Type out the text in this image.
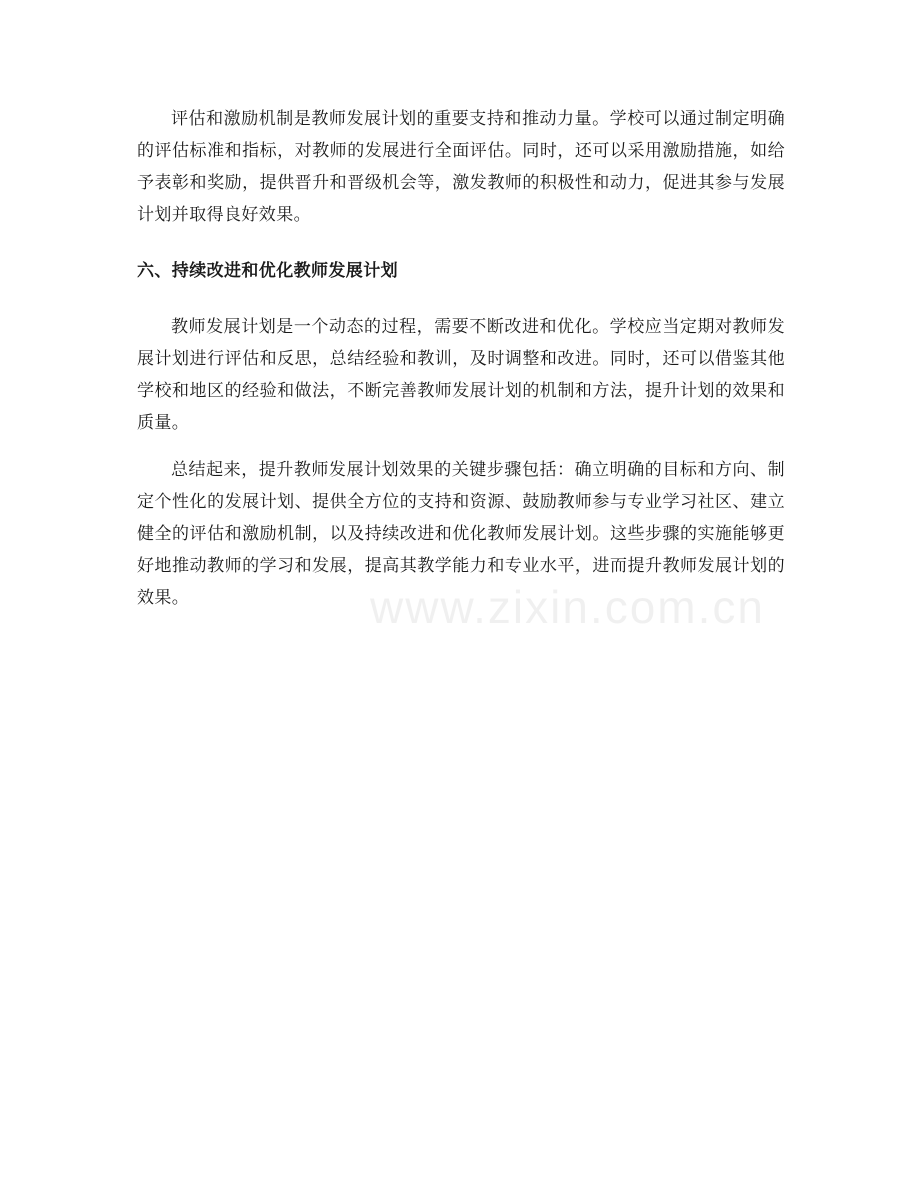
评估和激励机制是教师发展计划的重要支持和推动力量。学校可以通过制定明确的评估标准和指标，对教师的发展进行全面评估。同时，还可以采用激励措施，如给予表彰和奖励，提供晋升和晋级机会等，激发教师的积极性和动力，促进其参与发展计划并取得良好效果。

六、持续改进和优化教师发展计划

教师发展计划是一个动态的过程，需要不断改进和优化。学校应当定期对教师发展计划进行评估和反思，总结经验和教训，及时调整和改进。同时，还可以借鉴其他学校和地区的经验和做法，不断完善教师发展计划的机制和方法，提升计划的效果和质量。

总结起来，提升教师发展计划效果的关键步骤包括：确立明确的目标和方向、制定个性化的发展计划、提供全方位的支持和资源、鼓励教师参与专业学习社区、建立健全的评估和激励机制，以及持续改进和优化教师发展计划。这些步骤的实施能够更好地推动教师的学习和发展，提高其教学能力和专业水平，进而提升教师发展计划的效果。	www.zixin.com.cn
